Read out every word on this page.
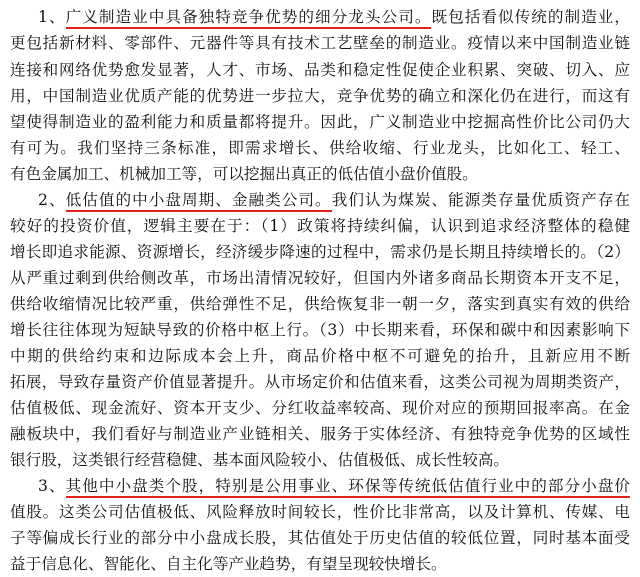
1、广义制造业中具备独特竞争优势的细分龙头公司。既包括看似传统的制造业，
更包括新材料、零部件、元器件等具有技术工艺壁垒的制造业。疫情以来中国制造业链
连接和网络优势愈发显著，人才、市场、品类和稳定性促使企业积累、突破、切入、应
用，中国制造业优质产能的优势进一步拉大，竞争优势的确立和深化仍在进行，而这有
望使得制造业的盈利能力和质量都将提升。因此，广义制造业中挖掘高性价比公司仍大
有可为。我们坚持三条标准，即需求增长、供给收缩、行业龙头，比如化工、轻工、
有色金属加工、机械加工等，可以挖掘出真正的低估值小盘价值股。
2、低估值的中小盘周期、金融类公司。我们认为煤炭、能源类存量优质资产存在
较好的投资价值，逻辑主要在于：（1）政策将持续纠偏，认识到追求经济整体的稳健
增长即追求能源、资源增长，经济缓步降速的过程中，需求仍是长期且持续增长的。（2）
从严重过剩到供给侧改革，市场出清情况较好，但国内外诸多商品长期资本开支不足，
供给收缩情况比较严重，供给弹性不足，供给恢复非一朝一夕，落实到真实有效的供给
增长往往体现为短缺导致的价格中枢上行。（3）中长期来看，环保和碳中和因素影响下
中期的供给约束和边际成本会上升，商品价格中枢不可避免的抬升，且新应用不断
拓展，导致存量资产价值显著提升。从市场定价和估值来看，这类公司视为周期类资产，
估值极低、现金流好、资本开支少、分红收益率较高、现价对应的预期回报率高。在金
融板块中，我们看好与制造业产业链相关、服务于实体经济、有独特竞争优势的区域性
银行股，这类银行经营稳健、基本面风险较小、估值极低、成长性较高。
3、其他中小盘类个股，特别是公用事业、环保等传统低估值行业中的部分小盘价
值股。这类公司估值极低、风险释放时间较长，性价比非常高，以及计算机、传媒、电
子等偏成长行业的部分中小盘成长股，其估值处于历史估值的较低位置，同时基本面受
益于信息化、智能化、自主化等产业趋势，有望呈现较快增长。
